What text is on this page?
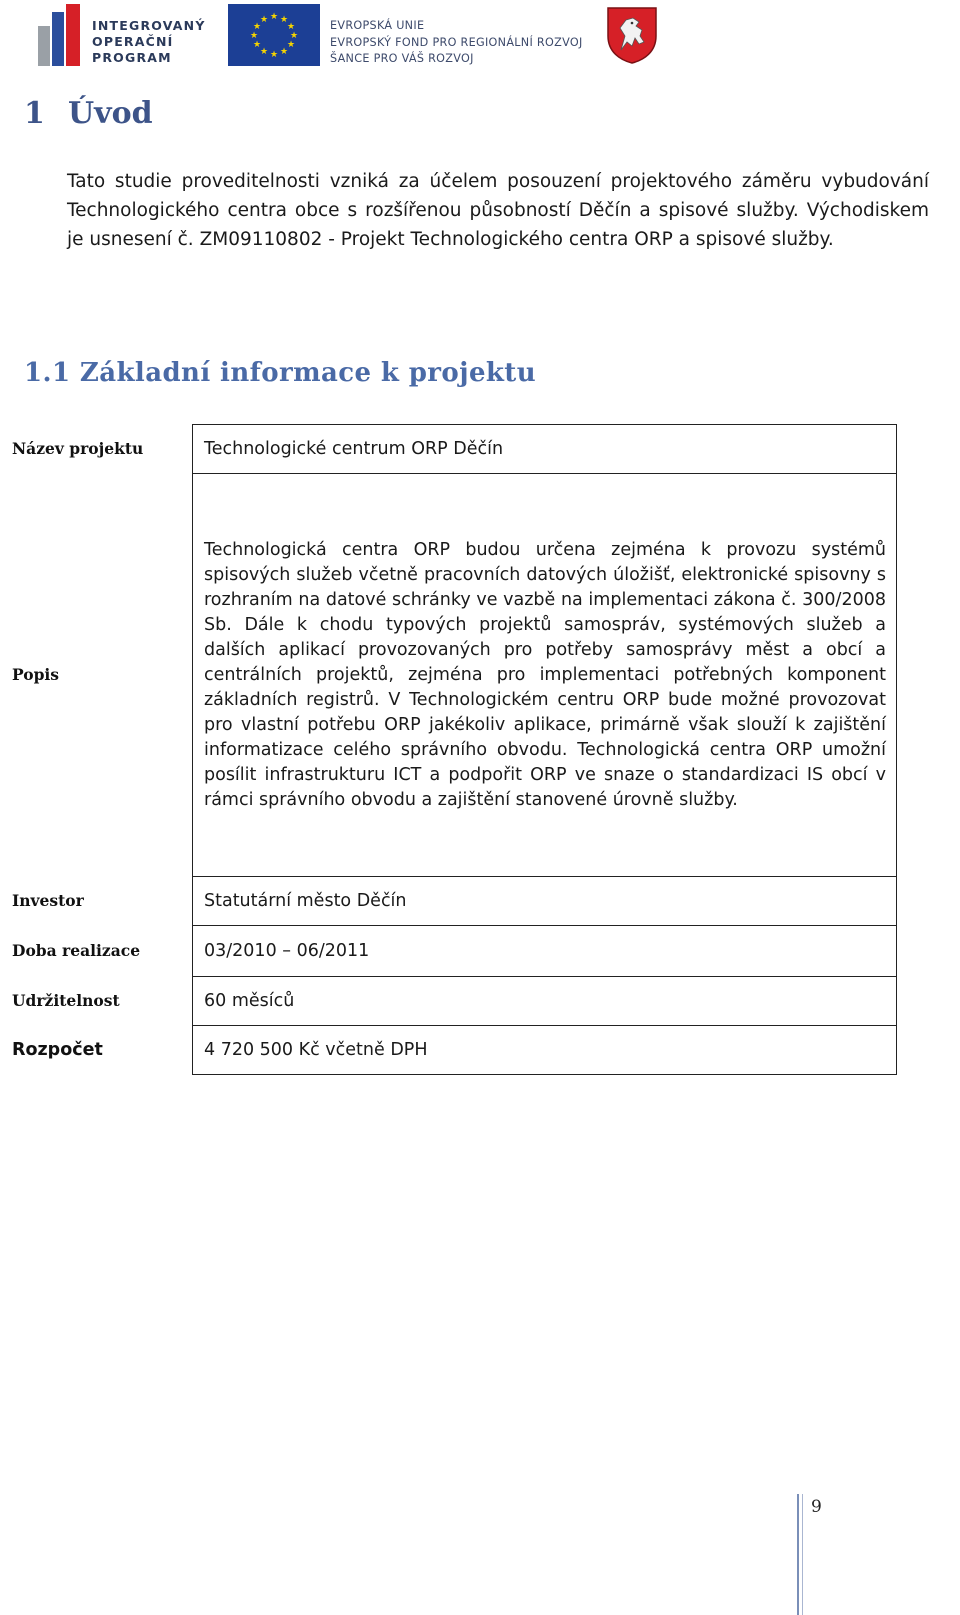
INTEGROVANÝ
OPERAČNÍ
PROGRAM
★ ★
★
★
★
★
★
★
★
★
★
★	EVROPSKÁ UNIE
EVROPSKÝ FOND PRO REGIONÁLNÍ ROZVOJ
ŠANCE PRO VÁŠ ROZVOJ
1 Úvod
Tato studie proveditelnosti vzniká za účelem posouzení projektového záměru vybudování Technologického centra obce s rozšířenou působností Děčín a spisové služby. Východiskem je usnesení č. ZM09110802 - Projekt Technologického centra ORP a spisové služby.
1.1 Základní informace k projektu
Název projektu	Technologické centrum ORP Děčín
Popis	Technologická centra ORP budou určena zejména k provozu systémů spisových služeb včetně pracovních datových úložišť, elektronické spisovny s rozhraním na datové schránky ve vazbě na implementaci zákona č. 300/2008 Sb. Dále k chodu typových projektů samospráv, systémových služeb a dalších aplikací provozovaných pro potřeby samosprávy měst a obcí a centrálních projektů, zejména pro implementaci potřebných komponent základních registrů. V Technologickém centru ORP bude možné provozovat pro vlastní potřebu ORP jakékoliv aplikace, primárně však slouží k zajištění informatizace celého správního obvodu. Technologická centra ORP umožní posílit infrastrukturu ICT a podpořit ORP ve snaze o standardizaci IS obcí v rámci správního obvodu a zajištění stanovené úrovně služby.
Investor	Statutární město Děčín
Doba realizace	03/2010 – 06/2011
Udržitelnost	60 měsíců
Rozpočet	4 720 500 Kč včetně DPH
9
